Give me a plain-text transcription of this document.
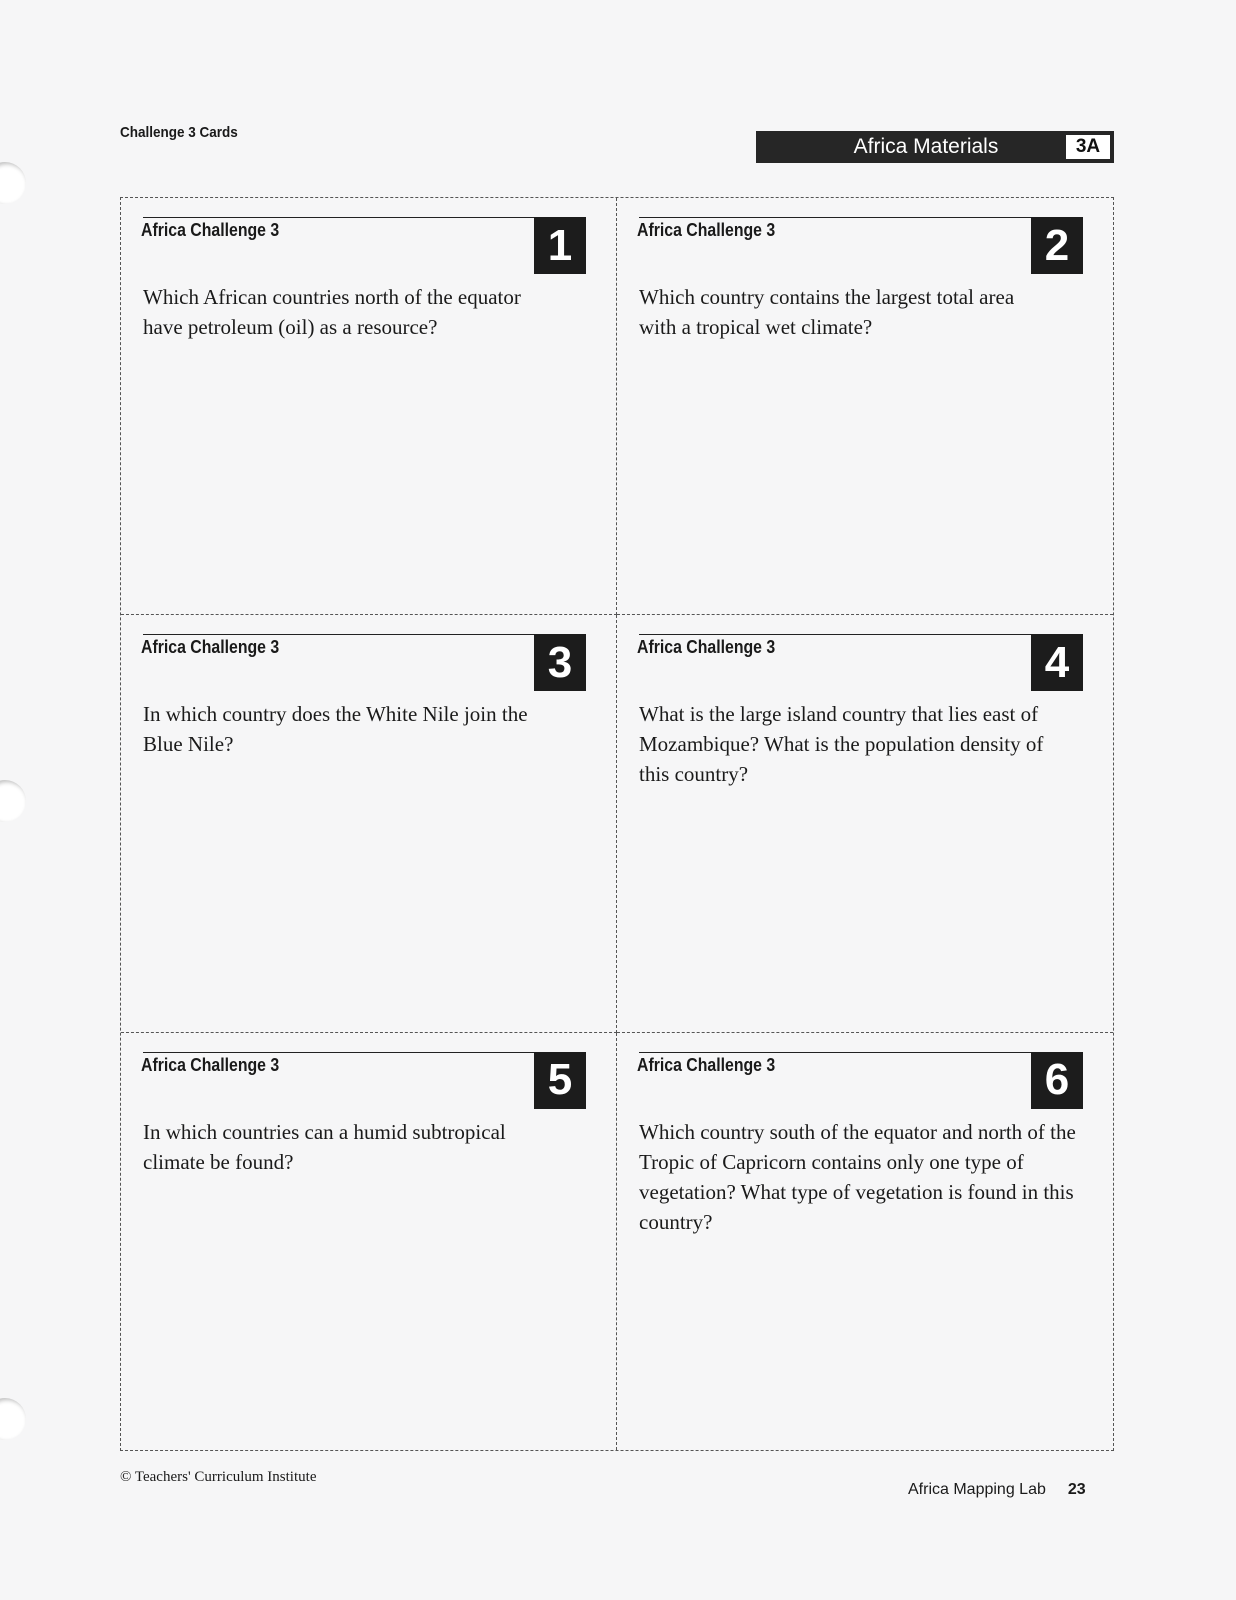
Challenge 3 Cards
Africa Materials	3A
Africa Challenge 3	1
Which African countries north of the equator have petroleum (oil) as a resource?
Africa Challenge 3	2
Which country contains the largest total area with a tropical wet climate?
Africa Challenge 3	3
In which country does the White Nile join the Blue Nile?
Africa Challenge 3	4
What is the large island country that lies east of Mozambique? What is the population density of this country?
Africa Challenge 3	5
In which countries can a humid subtropical climate be found?
Africa Challenge 3	6
Which country south of the equator and north of the Tropic of Capricorn contains only one type of vegetation? What type of vegetation is found in this country?
© Teachers' Curriculum Institute
Africa Mapping Lab 23
